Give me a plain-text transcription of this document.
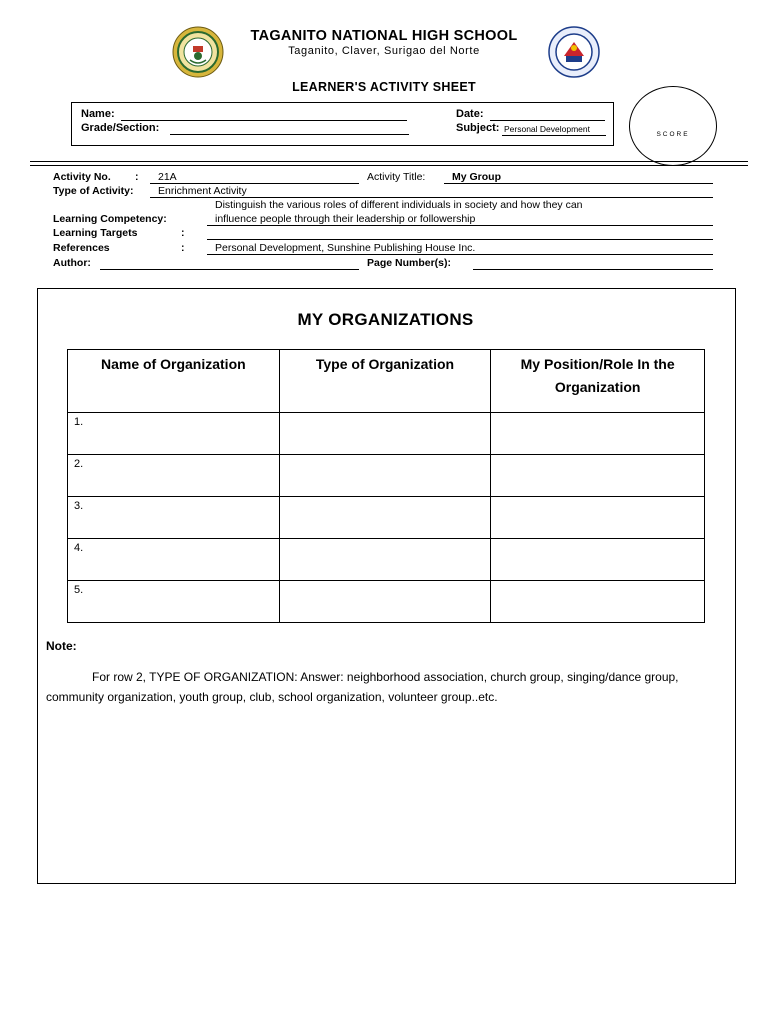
TAGANITO NATIONAL HIGH SCHOOL
Taganito, Claver, Surigao del Norte
LEARNER'S ACTIVITY SHEET
Name:
Grade/Section:
Date:
Subject: Personal Development
SCORE
Activity No. : 21A	Activity Title:	My Group
Type of Activity: Enrichment Activity
Distinguish the various roles of different individuals in society and how they can
Learning Competency:	influence people through their leadership or followership
Learning Targets	:
References	:	Personal Development, Sunshine Publishing House Inc.
Author:	Page Number(s):
MY ORGANIZATIONS
Name of Organization	Type of Organization	My Position/Role In the Organization
1.		
2.		
3.		
4.		
5.		
Note:
For row 2, TYPE OF ORGANIZATION: Answer: neighborhood association, church group, singing/dance group, community organization, youth group, club, school organization, volunteer group..etc.
